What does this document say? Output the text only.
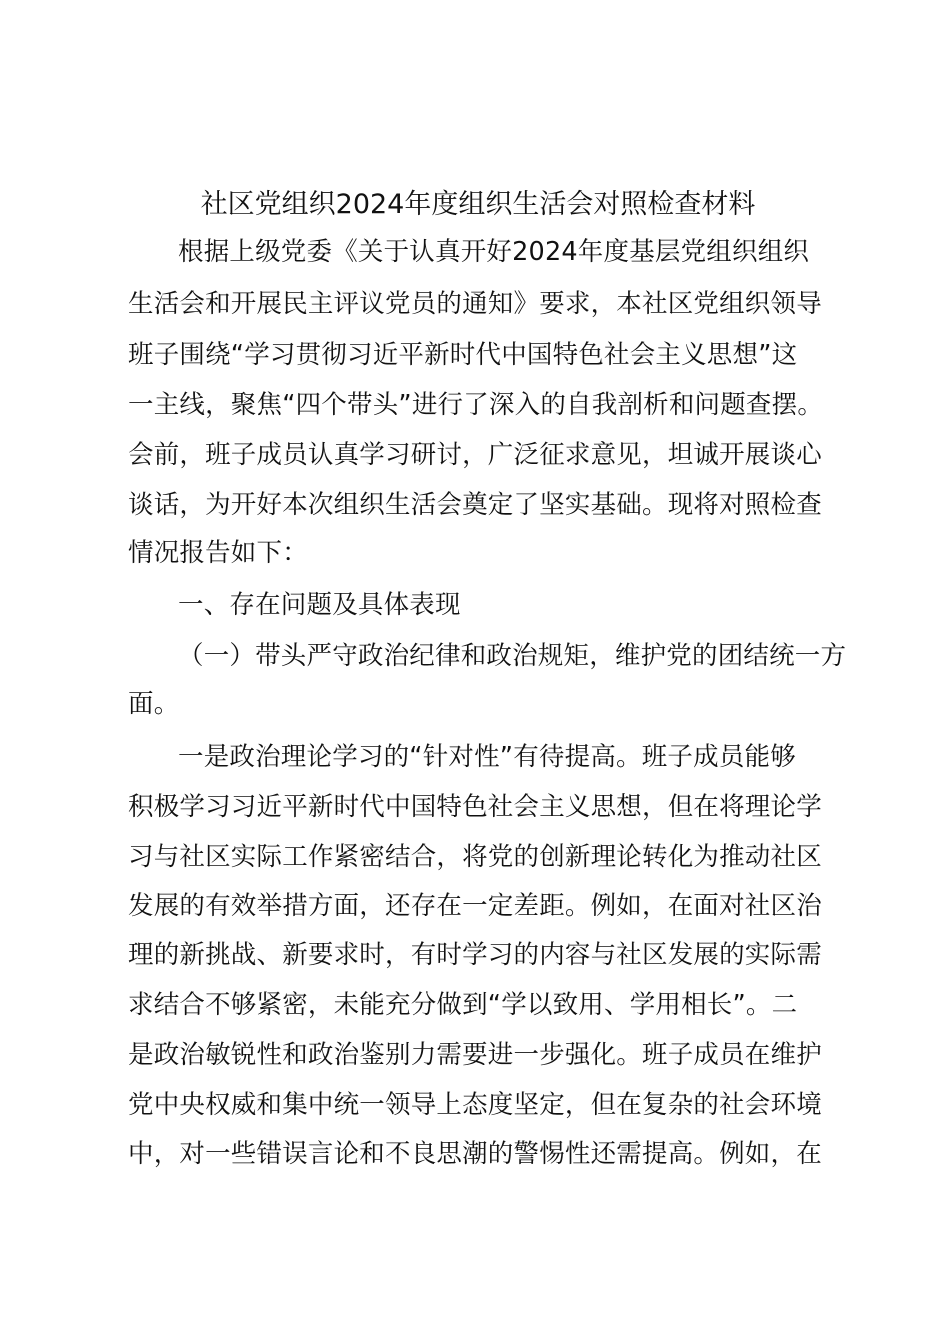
社区党组织2024年度组织生活会对照检查材料
根据上级党委《关于认真开好2024年度基层党组织组织
生活会和开展民主评议党员的通知》要求，本社区党组织领导
班子围绕“学习贯彻习近平新时代中国特色社会主义思想”这
一主线，聚焦“四个带头”进行了深入的自我剖析和问题查摆。
会前，班子成员认真学习研讨，广泛征求意见，坦诚开展谈心
谈话，为开好本次组织生活会奠定了坚实基础。现将对照检查
情况报告如下：
一、存在问题及具体表现
（一）带头严守政治纪律和政治规矩，维护党的团结统一方
面。
一是政治理论学习的“针对性”有待提高。班子成员能够
积极学习习近平新时代中国特色社会主义思想，但在将理论学
习与社区实际工作紧密结合，将党的创新理论转化为推动社区
发展的有效举措方面，还存在一定差距。例如，在面对社区治
理的新挑战、新要求时，有时学习的内容与社区发展的实际需
求结合不够紧密，未能充分做到“学以致用、学用相长”。二
是政治敏锐性和政治鉴别力需要进一步强化。班子成员在维护
党中央权威和集中统一领导上态度坚定，但在复杂的社会环境
中，对一些错误言论和不良思潮的警惕性还需提高。例如，在
